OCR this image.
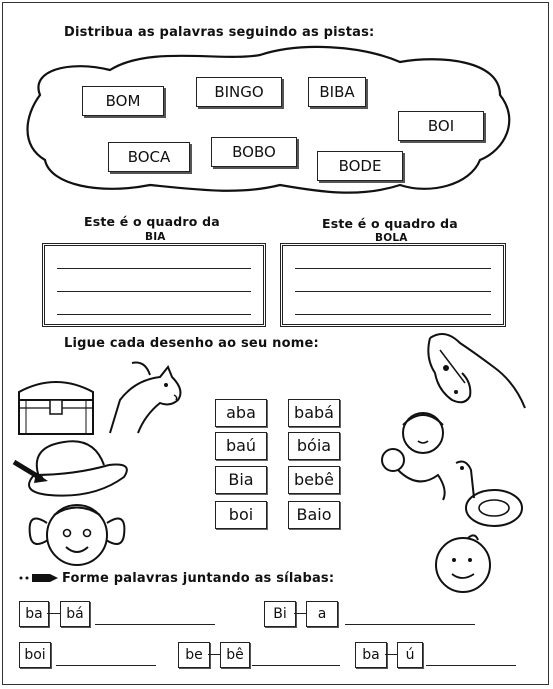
Distribua as palavras seguindo as pistas:
BOM	BINGO	BIBA
BOI
BOCA	BOBO
BODE
Este é o quadro da
BIA
Este é o quadro da
BOLA
Ligue cada desenho ao seu nome:
aba
baú
Bia
boi
babá
bóia
bebê
Baio
Forme palavras juntando as sílabas:
ba	bá	Bi	a
boi	be	bê	ba	ú
